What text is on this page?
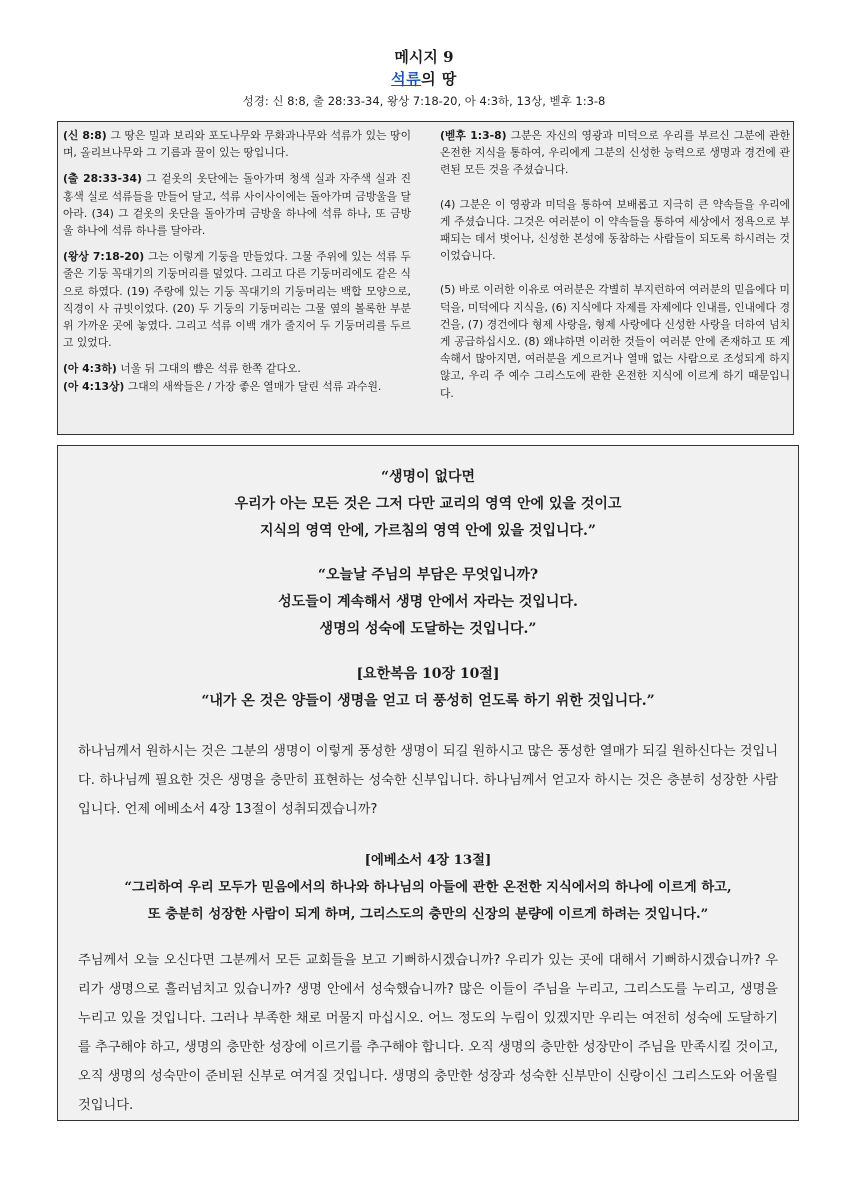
메시지 9
석류의 땅
성경: 신 8:8, 출 28:33-34, 왕상 7:18-20, 아 4:3하, 13상, 벧후 1:3-8

(신 8:8) 그 땅은 밀과 보리와 포도나무와 무화과나무와 석류가 있는 땅이며, 올리브나무와 그 기름과 꿀이 있는 땅입니다.

(출 28:33-34) 그 겉옷의 옷단에는 돌아가며 청색 실과 자주색 실과 진홍색 실로 석류들을 만들어 달고, 석류 사이사이에는 돌아가며 금방울을 달아라. (34) 그 겉옷의 옷단을 돌아가며 금방울 하나에 석류 하나, 또 금방울 하나에 석류 하나를 달아라.

(왕상 7:18-20) 그는 이렇게 기둥을 만들었다. 그물 주위에 있는 석류 두 줄은 기둥 꼭대기의 기둥머리를 덮었다. 그리고 다른 기둥머리에도 같은 식으로 하였다. (19) 주랑에 있는 기둥 꼭대기의 기둥머리는 백합 모양으로, 직경이 사 규빗이었다. (20) 두 기둥의 기둥머리는 그물 옆의 볼록한 부분 위 가까운 곳에 놓였다. 그리고 석류 이백 개가 줄지어 두 기둥머리를 두르고 있었다.

(아 4:3하) 너울 뒤 그대의 뺨은 석류 한쪽 같다오.

(아 4:13상) 그대의 새싹들은 / 가장 좋은 열매가 달린 석류 과수원.

(벧후 1:3-8) 그분은 자신의 영광과 미덕으로 우리를 부르신 그분에 관한 온전한 지식을 통하여, 우리에게 그분의 신성한 능력으로 생명과 경건에 관련된 모든 것을 주셨습니다.

(4) 그분은 이 영광과 미덕을 통하여 보배롭고 지극히 큰 약속들을 우리에게 주셨습니다. 그것은 여러분이 이 약속들을 통하여 세상에서 정욕으로 부패되는 데서 벗어나, 신성한 본성에 동참하는 사람들이 되도록 하시려는 것이었습니다.

(5) 바로 이러한 이유로 여러분은 각별히 부지런하여 여러분의 믿음에다 미덕을, 미덕에다 지식을, (6) 지식에다 자제를 자제에다 인내를, 인내에다 경건을, (7) 경건에다 형제 사랑을, 형제 사랑에다 신성한 사랑을 더하여 넘치게 공급하십시오. (8) 왜냐하면 이러한 것들이 여러분 안에 존재하고 또 계속해서 많아지면, 여러분을 게으르거나 열매 없는 사람으로 조성되게 하지 않고, 우리 주 예수 그리스도에 관한 온전한 지식에 이르게 하기 때문입니다.

“생명이 없다면
우리가 아는 모든 것은 그저 다만 교리의 영역 안에 있을 것이고
지식의 영역 안에, 가르침의 영역 안에 있을 것입니다.”
“오늘날 주님의 부담은 무엇입니까?
성도들이 계속해서 생명 안에서 자라는 것입니다.
생명의 성숙에 도달하는 것입니다.”
[요한복음 10장 10절]
“내가 온 것은 양들이 생명을 얻고 더 풍성히 얻도록 하기 위한 것입니다.”
하나님께서 원하시는 것은 그분의 생명이 이렇게 풍성한 생명이 되길 원하시고 많은 풍성한 열매가 되길 원하신다는 것입니다. 하나님께 필요한 것은 생명을 충만히 표현하는 성숙한 신부입니다. 하나님께서 얻고자 하시는 것은 충분히 성장한 사람입니다. 언제 에베소서 4장 13절이 성취되겠습니까?
[에베소서 4장 13절]
“그리하여 우리 모두가 믿음에서의 하나와 하나님의 아들에 관한 온전한 지식에서의 하나에 이르게 하고,
또 충분히 성장한 사람이 되게 하며, 그리스도의 충만의 신장의 분량에 이르게 하려는 것입니다.”
주님께서 오늘 오신다면 그분께서 모든 교회들을 보고 기뻐하시겠습니까? 우리가 있는 곳에 대해서 기뻐하시겠습니까? 우리가 생명으로 흘러넘치고 있습니까? 생명 안에서 성숙했습니까? 많은 이들이 주님을 누리고, 그리스도를 누리고, 생명을 누리고 있을 것입니다. 그러나 부족한 채로 머물지 마십시오. 어느 정도의 누림이 있겠지만 우리는 여전히 성숙에 도달하기를 추구해야 하고, 생명의 충만한 성장에 이르기를 추구해야 합니다. 오직 생명의 충만한 성장만이 주님을 만족시킬 것이고, 오직 생명의 성숙만이 준비된 신부로 여겨질 것입니다. 생명의 충만한 성장과 성숙한 신부만이 신랑이신 그리스도와 어울릴 것입니다.
